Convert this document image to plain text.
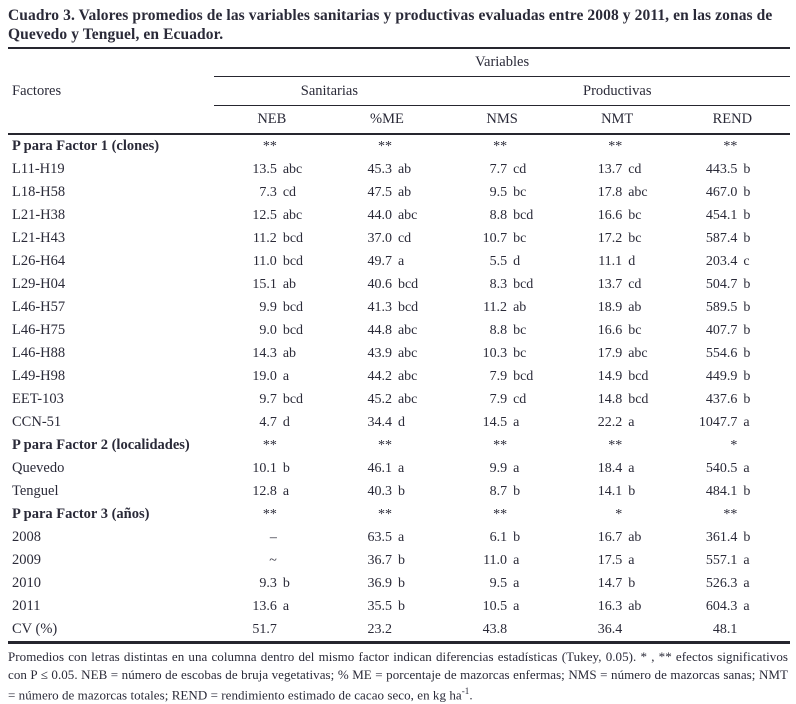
Cuadro 3. Valores promedios de las variables sanitarias y productivas evaluadas entre 2008 y 2011, en las zonas de Quevedo y Tenguel, en Ecuador.
	Variables				
Factores	Sanitarias		Productivas		
	NEB	%ME	NMS	NMT	REND
P para Factor 1 (clones)	**	**	**	**	**
L11-H19	13.5 abc	45.3 ab	7.7 cd	13.7 cd	443.5 b
L18-H58	7.3 cd	47.5 ab	9.5 bc	17.8 abc	467.0 b
L21-H38	12.5 abc	44.0 abc	8.8 bcd	16.6 bc	454.1 b
L21-H43	11.2 bcd	37.0 cd	10.7 bc	17.2 bc	587.4 b
L26-H64	11.0 bcd	49.7 a	5.5 d	11.1 d	203.4 c
L29-H04	15.1 ab	40.6 bcd	8.3 bcd	13.7 cd	504.7 b
L46-H57	9.9 bcd	41.3 bcd	11.2 ab	18.9 ab	589.5 b
L46-H75	9.0 bcd	44.8 abc	8.8 bc	16.6 bc	407.7 b
L46-H88	14.3 ab	43.9 abc	10.3 bc	17.9 abc	554.6 b
L49-H98	19.0 a	44.2 abc	7.9 bcd	14.9 bcd	449.9 b
EET-103	9.7 bcd	45.2 abc	7.9 cd	14.8 bcd	437.6 b
CCN-51	4.7 d	34.4 d	14.5 a	22.2 a	1047.7 a
P para Factor 2 (localidades)	**	**	**	**	*
Quevedo	10.1 b	46.1 a	9.9 a	18.4 a	540.5 a
Tenguel	12.8 a	40.3 b	8.7 b	14.1 b	484.1 b
P para Factor 3 (años)	**	**	**	*	**
2008	–	63.5 a	6.1 b	16.7 ab	361.4 b
2009	~	36.7 b	11.0 a	17.5 a	557.1 a
2010	9.3 b	36.9 b	9.5 a	14.7 b	526.3 a
2011	13.6 a	35.5 b	10.5 a	16.3 ab	604.3 a
CV (%)	51.7	23.2	43.8	36.4	48.1
Promedios con letras distintas en una columna dentro del mismo factor indican diferencias estadísticas (Tukey, 0.05). * , ** efectos significativos con P ≤ 0.05. NEB = número de escobas de bruja vegetativas; % ME = porcentaje de mazorcas enfermas; NMS = número de mazorcas sanas; NMT = número de mazorcas totales; REND = rendimiento estimado de cacao seco, en kg $ha^{-1}$.
